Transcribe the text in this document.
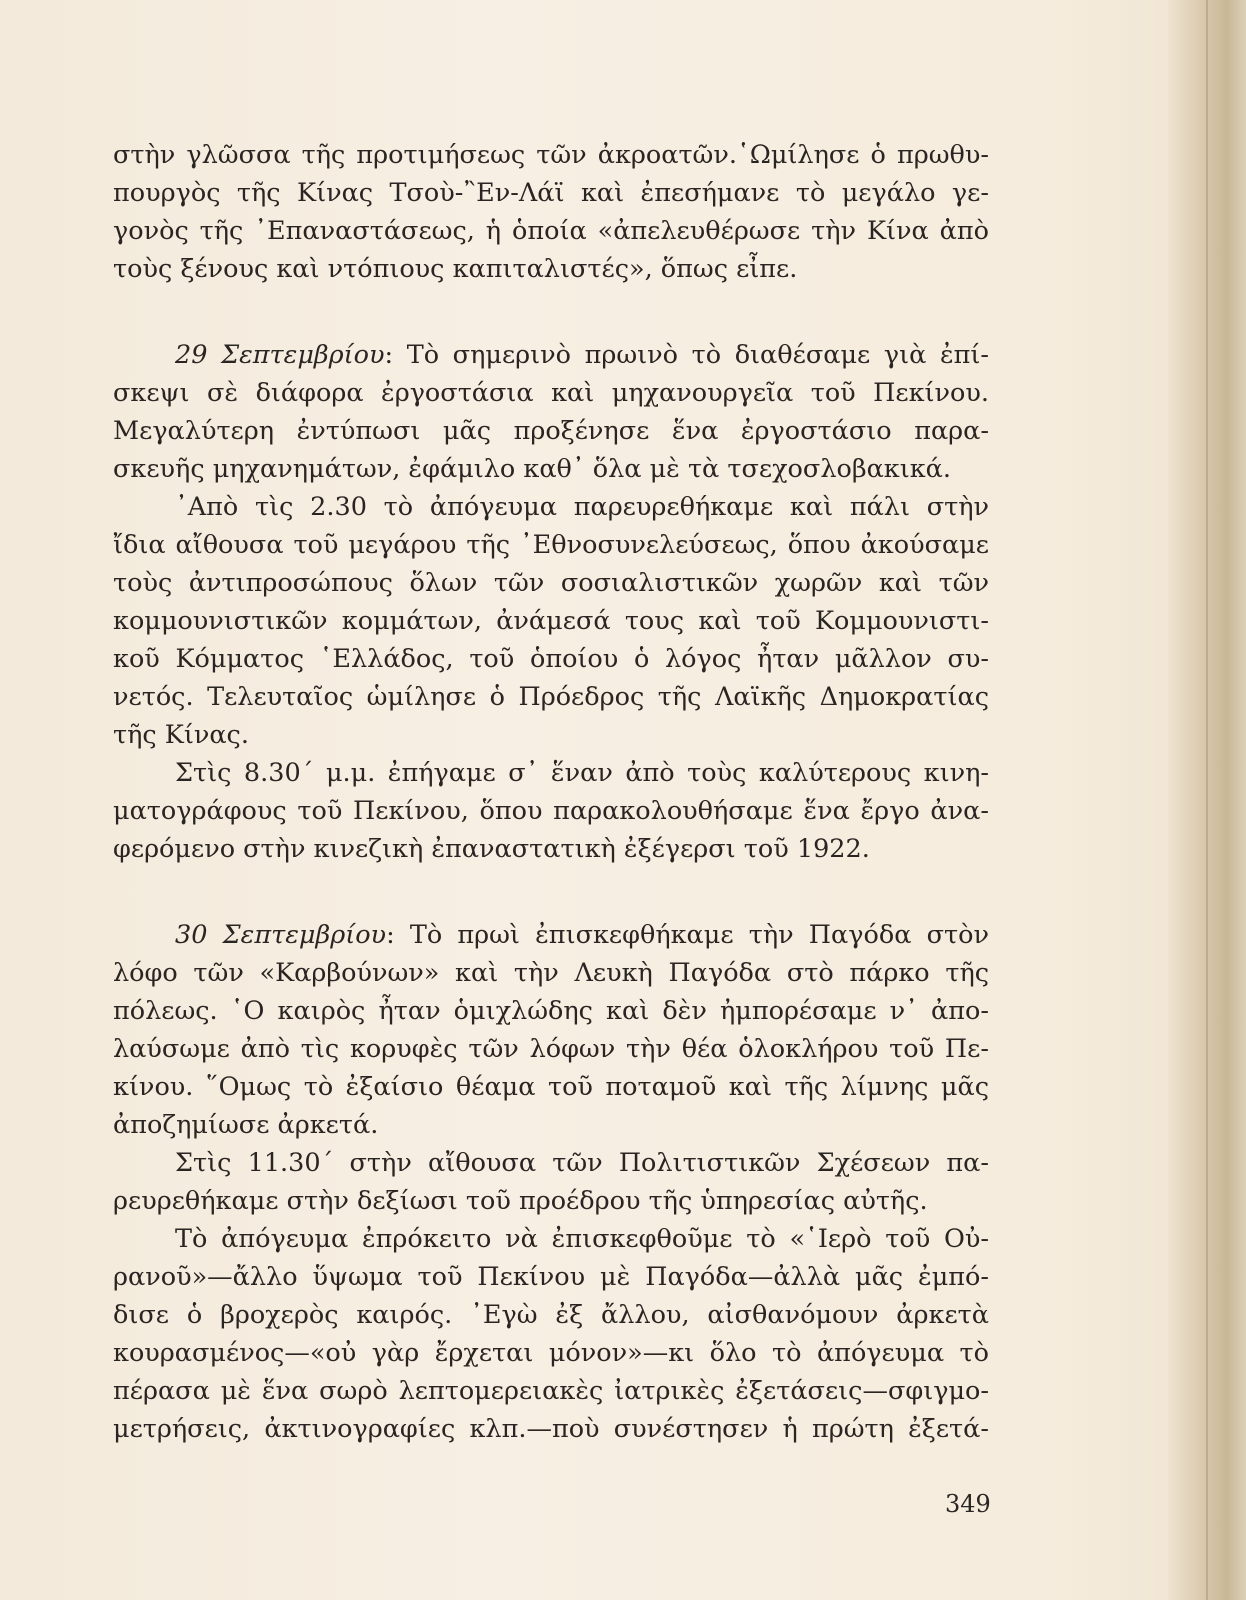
στὴν γλῶσσα τῆς προτιμήσεως τῶν ἀκροατῶν.῾Ωμίλησε ὁ πρωθυ-
πουργὸς τῆς Κίνας Τσοὺ-῍Εν-Λάϊ καὶ ἐπεσήμανε τὸ μεγάλο γε-
γονὸς τῆς ᾿Επαναστάσεως, ἡ ὁποία «ἀπελευθέρωσε τὴν Κίνα ἀπὸ
τοὺς ξένους καὶ ντόπιους καπιταλιστές», ὅπως εἶπε.
29 Σεπτεμβρίου: Τὸ σημερινὸ πρωινὸ τὸ διαθέσαμε γιὰ ἐπί-
σκεψι σὲ διάφορα ἐργοστάσια καὶ μηχανουργεῖα τοῦ Πεκίνου.
Μεγαλύτερη ἐντύπωσι μᾶς προξένησε ἕνα ἐργοστάσιο παρα-
σκευῆς μηχανημάτων, ἐφάμιλο καθ᾿ ὅλα μὲ τὰ τσεχοσλοβακικά.
᾿Απὸ τὶς 2.30 τὸ ἀπόγευμα παρευρεθήκαμε καὶ πάλι στὴν
ἴδια αἴθουσα τοῦ μεγάρου τῆς ᾿Εθνοσυνελεύσεως, ὅπου ἀκούσαμε
τοὺς ἀντιπροσώπους ὅλων τῶν σοσιαλιστικῶν χωρῶν καὶ τῶν
κομμουνιστικῶν κομμάτων, ἀνάμεσά τους καὶ τοῦ Κομμουνιστι-
κοῦ Κόμματος ῾Ελλάδος, τοῦ ὁποίου ὁ λόγος ἦταν μᾶλλον συ-
νετός. Τελευταῖος ὡμίλησε ὁ Πρόεδρος τῆς Λαϊκῆς Δημοκρατίας
τῆς Κίνας.
Στὶς 8.30΄ μ.μ. ἐπήγαμε σ᾿ ἕναν ἀπὸ τοὺς καλύτερους κινη-
ματογράφους τοῦ Πεκίνου, ὅπου παρακολουθήσαμε ἕνα ἔργο ἀνα-
φερόμενο στὴν κινεζικὴ ἐπαναστατικὴ ἐξέγερσι τοῦ 1922.
30 Σεπτεμβρίου: Τὸ πρωὶ ἐπισκεφθήκαμε τὴν Παγόδα στὸν
λόφο τῶν «Καρβούνων» καὶ τὴν Λευκὴ Παγόδα στὸ πάρκο τῆς
πόλεως. ῾Ο καιρὸς ἦταν ὁμιχλώδης καὶ δὲν ἠμπορέσαμε ν᾿ ἀπο-
λαύσωμε ἀπὸ τὶς κορυφὲς τῶν λόφων τὴν θέα ὁλοκλήρου τοῦ Πε-
κίνου. ῞Ομως τὸ ἐξαίσιο θέαμα τοῦ ποταμοῦ καὶ τῆς λίμνης μᾶς
ἀποζημίωσε ἀρκετά.
Στὶς 11.30΄ στὴν αἴθουσα τῶν Πολιτιστικῶν Σχέσεων πα-
ρευρεθήκαμε στὴν δεξίωσι τοῦ προέδρου τῆς ὑπηρεσίας αὐτῆς.
Τὸ ἀπόγευμα ἐπρόκειτο νὰ ἐπισκεφθοῦμε τὸ «῾Ιερὸ τοῦ Οὐ-
ρανοῦ»—ἄλλο ὕψωμα τοῦ Πεκίνου μὲ Παγόδα—ἀλλὰ μᾶς ἐμπό-
δισε ὁ βροχερὸς καιρός. ᾿Εγὼ ἐξ ἄλλου, αἰσθανόμουν ἀρκετὰ
κουρασμένος—«οὐ γὰρ ἔρχεται μόνον»—κι ὅλο τὸ ἀπόγευμα τὸ
πέρασα μὲ ἕνα σωρὸ λεπτομερειακὲς ἰατρικὲς ἐξετάσεις—σφιγμο-
μετρήσεις, ἀκτινογραφίες κλπ.—ποὺ συνέστησεν ἡ πρώτη ἐξετά-
349
